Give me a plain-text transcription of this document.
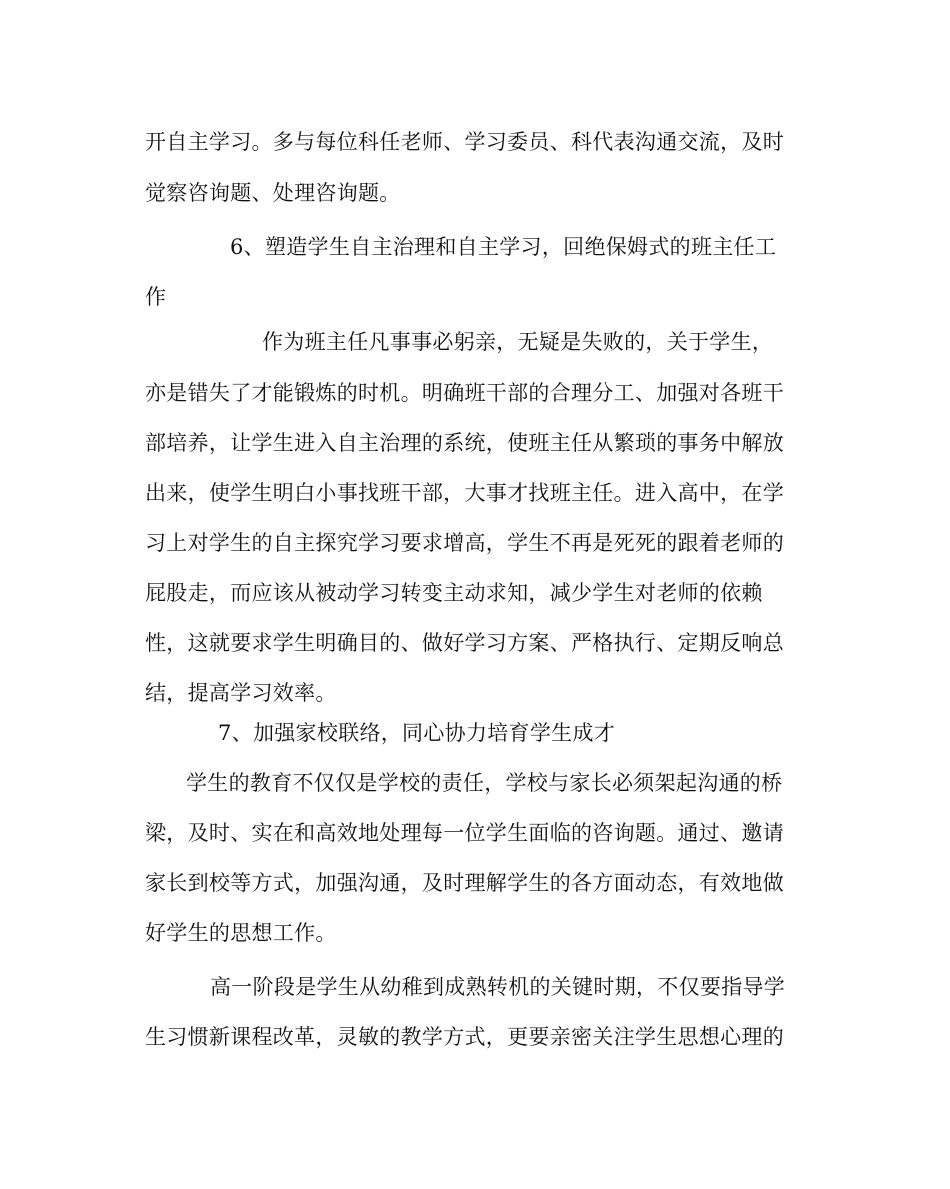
开自主学习。多与每位科任老师、学习委员、科代表沟通交流，及时
觉察咨询题、处理咨询题。
6、塑造学生自主治理和自主学习，回绝保姆式的班主任工
作
作为班主任凡事事必躬亲，无疑是失败的，关于学生，
亦是错失了才能锻炼的时机。明确班干部的合理分工、加强对各班干
部培养，让学生进入自主治理的系统，使班主任从繁琐的事务中解放
出来，使学生明白小事找班干部，大事才找班主任。进入高中，在学
习上对学生的自主探究学习要求增高，学生不再是死死的跟着老师的
屁股走，而应该从被动学习转变主动求知，减少学生对老师的依赖
性，这就要求学生明确目的、做好学习方案、严格执行、定期反响总
结，提高学习效率。
7、加强家校联络，同心协力培育学生成才
学生的教育不仅仅是学校的责任，学校与家长必须架起沟通的桥
梁，及时、实在和高效地处理每一位学生面临的咨询题。通过、邀请
家长到校等方式，加强沟通，及时理解学生的各方面动态，有效地做
好学生的思想工作。
高一阶段是学生从幼稚到成熟转机的关键时期，不仅要指导学
生习惯新课程改革，灵敏的教学方式，更要亲密关注学生思想心理的
